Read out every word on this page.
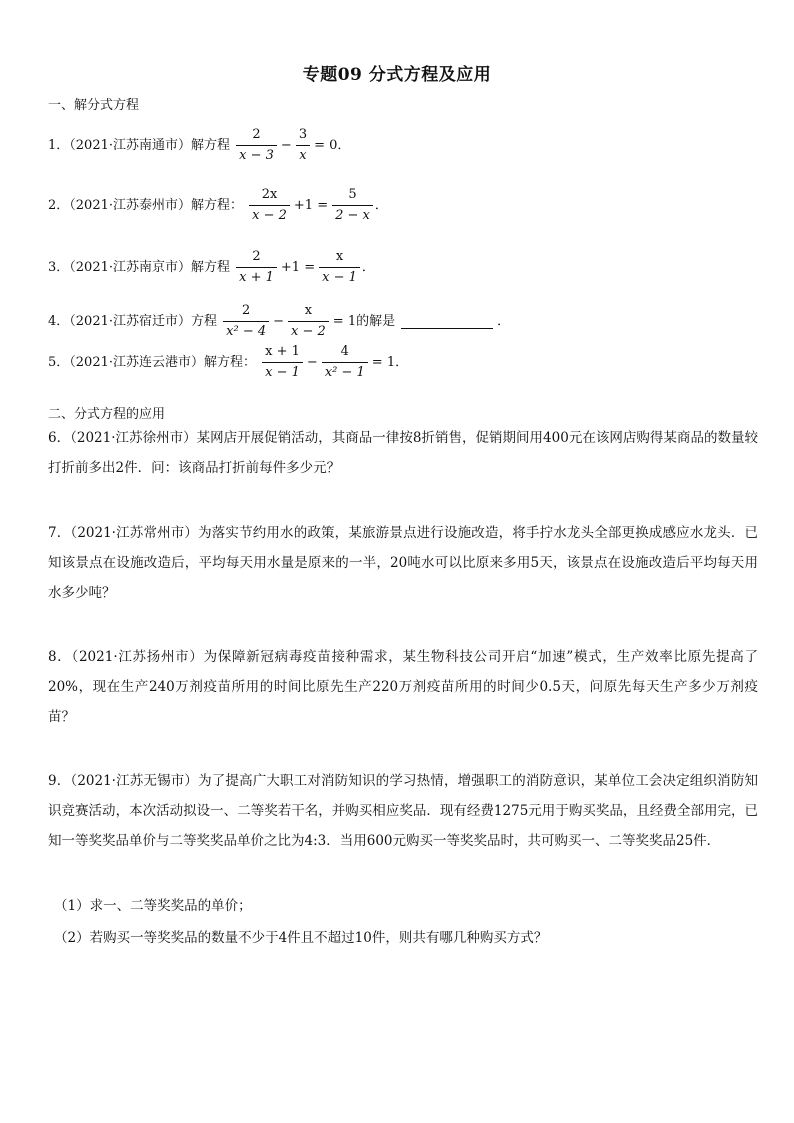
专题09 分式方程及应用
一、解分式方程
1．（2021·江苏南通市）解方程 $\frac{2}{x - 3} - \frac{3}{x} = 0$．
2．（2021·江苏泰州市）解方程： $\frac{2x}{x - 2} +1 = \frac{5}{2 - x}$ ．
3．（2021·江苏南京市）解方程 $\frac{2}{x + 1} +1 = \frac{x}{x - 1}$ ．
4．（2021·江苏宿迁市）方程 $\frac{2}{\text{x² − 4}} - \frac{x}{x - 2} = 1$的解是	．
5．（2021·江苏连云港市）解方程： $\frac{x + 1}{x - 1} - \frac{4}{\text{x² − 1}} = 1$．
二、分式方程的应用
6．（2021·江苏徐州市）某网店开展促销活动，其商品一律按8折销售，促销期间用400元在该网店购得某商品的数量较打折前多出2件．问：该商品打折前每件多少元？
7．（2021·江苏常州市）为落实节约用水的政策，某旅游景点进行设施改造，将手拧水龙头全部更换成感应水龙头．已知该景点在设施改造后，平均每天用水量是原来的一半，20吨水可以比原来多用5天，该景点在设施改造后平均每天用水多少吨？
8．（2021·江苏扬州市）为保障新冠病毒疫苗接种需求，某生物科技公司开启“加速”模式，生产效率比原先提高了20%，现在生产240万剂疫苗所用的时间比原先生产220万剂疫苗所用的时间少0.5天，问原先每天生产多少万剂疫苗？
9．（2021·江苏无锡市）为了提高广大职工对消防知识的学习热情，增强职工的消防意识，某单位工会决定组织消防知识竞赛活动，本次活动拟设一、二等奖若干名，并购买相应奖品．现有经费1275元用于购买奖品，且经费全部用完，已知一等奖奖品单价与二等奖奖品单价之比为4:3．当用600元购买一等奖奖品时，共可购买一、二等奖奖品25件．
（1）求一、二等奖奖品的单价；
（2）若购买一等奖奖品的数量不少于4件且不超过10件，则共有哪几种购买方式？
